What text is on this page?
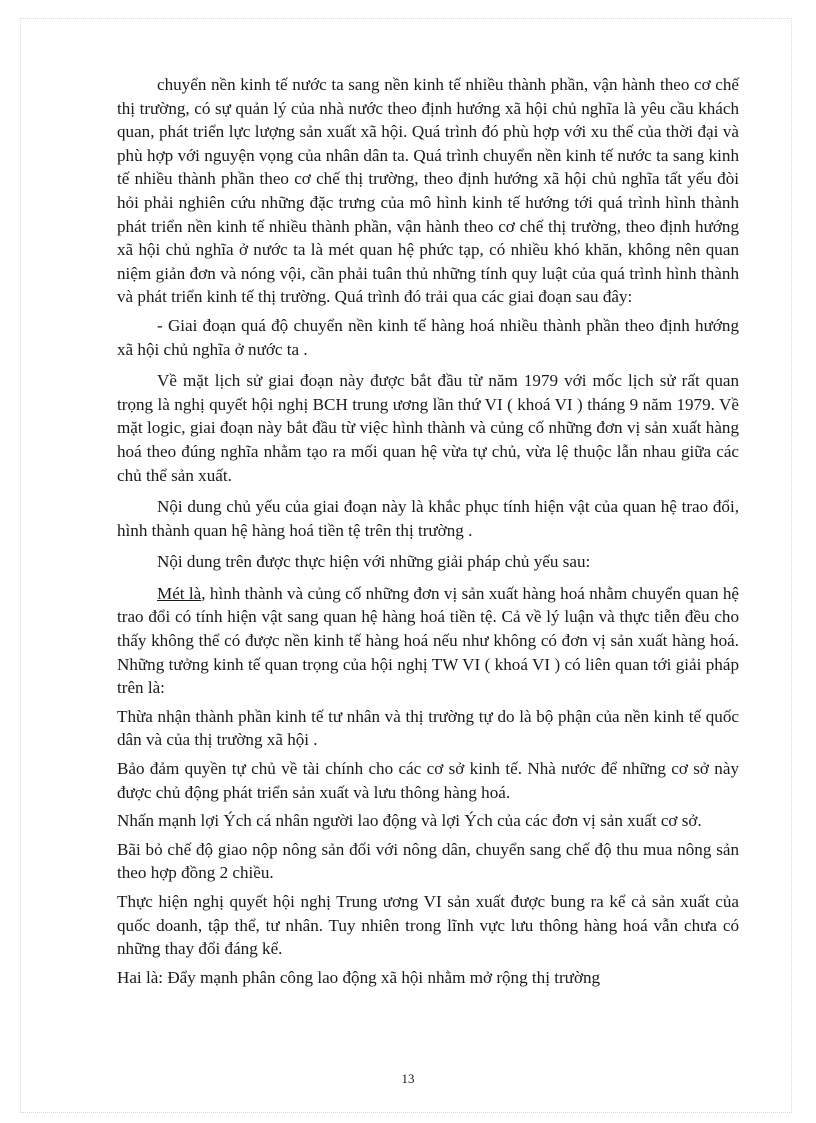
chuyển nền kinh tế nước ta sang nền kinh tế nhiều thành phần, vận hành theo cơ chế thị trường, có sự quản lý của nhà nước theo định hướng xã hội chủ nghĩa là yêu cầu khách quan, phát triển lực lượng sản xuất xã hội. Quá trình đó phù hợp với xu thế của thời đại và phù hợp với nguyện vọng của nhân dân ta. Quá trình chuyển nền kinh tế nước ta sang kinh tế nhiều thành phần theo cơ chế thị trường, theo định hướng xã hội chủ nghĩa tất yếu đòi hỏi phải nghiên cứu những đặc trưng của mô hình kinh tế hướng tới quá trình hình thành phát triển nền kinh tế nhiều thành phần, vận hành theo cơ chế thị trường, theo định hướng xã hội chủ nghĩa ở nước ta là mét quan hệ phức tạp, có nhiều khó khăn, không nên quan niệm giản đơn và nóng vội, cần phải tuân thủ những tính quy luật của quá trình hình thành và phát triển kinh tế thị trường. Quá trình đó trải qua các giai đoạn sau đây:

- Giai đoạn quá độ chuyển nền kinh tế hàng hoá nhiều thành phần theo định hướng xã hội chủ nghĩa ở nước ta .

Về mặt lịch sử giai đoạn này được bắt đầu từ năm 1979 với mốc lịch sử rất quan trọng là nghị quyết hội nghị BCH trung ương lần thứ VI ( khoá VI ) tháng 9 năm 1979. Về mặt logic, giai đoạn này bắt đầu từ việc hình thành và củng cố những đơn vị sản xuất hàng hoá theo đúng nghĩa nhằm tạo ra mối quan hệ vừa tự chủ, vừa lệ thuộc lẫn nhau giữa các chủ thể sản xuất.

Nội dung chủ yếu của giai đoạn này là khắc phục tính hiện vật của quan hệ trao đổi, hình thành quan hệ hàng hoá tiền tệ trên thị trường .

Nội dung trên được thực hiện với những giải pháp chủ yếu sau:

Mét là, hình thành và củng cố những đơn vị sản xuất hàng hoá nhằm chuyển quan hệ trao đổi có tính hiện vật sang quan hệ hàng hoá tiền tệ. Cả về lý luận và thực tiễn đều cho thấy không thể có được nền kinh tế hàng hoá nếu như không có đơn vị sản xuất hàng hoá. Những tưởng kinh tế quan trọng của hội nghị TW VI ( khoá VI ) có liên quan tới giải pháp trên là:

Thừa nhận thành phần kinh tế tư nhân và thị trường tự do là bộ phận của nền kinh tế quốc dân và của thị trường xã hội .

Bảo đảm quyền tự chủ về tài chính cho các cơ sở kinh tế. Nhà nước để những cơ sở này được chủ động phát triển sản xuất và lưu thông hàng hoá.

Nhấn mạnh lợi Ých cá nhân người lao động và lợi Ých của các đơn vị sản xuất cơ sở.

Bãi bỏ chế độ giao nộp nông sản đối với nông dân, chuyển sang chế độ thu mua nông sản theo hợp đồng 2 chiều.

Thực hiện nghị quyết hội nghị Trung ương VI sản xuất được bung ra kể cả sản xuất của quốc doanh, tập thể, tư nhân. Tuy nhiên trong lĩnh vực lưu thông hàng hoá vẫn chưa có những thay đổi đáng kể.

Hai là: Đẩy mạnh phân công lao động xã hội nhằm mở rộng thị trường

13
